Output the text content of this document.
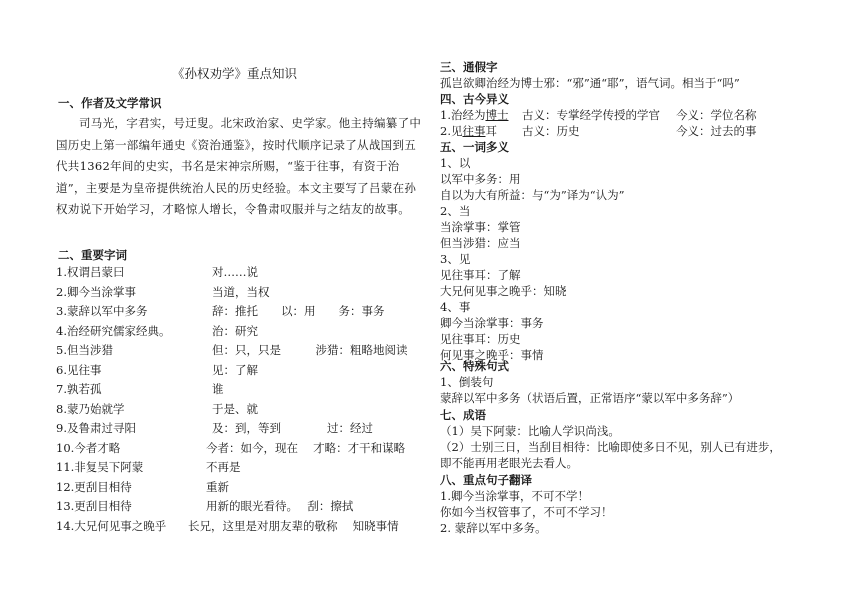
《孙权劝学》重点知识
一、作者及文学常识
司马光，字君实，号迂叟。北宋政治家、史学家。他主持编纂了中国历史上第一部编年通史《资治通鉴》，按时代顺序记录了从战国到五代共1362年间的史实，书名是宋神宗所赐，“鉴于往事，有资于治道”，主要是为皇帝提供统治人民的历史经验。本文主要写了吕蒙在孙权劝说下开始学习，才略惊人增长，令鲁肃叹服并与之结友的故事。
二、重要字词
1.权谓吕蒙曰	对……说
2.卿今当涂掌事	当道，当权
3.蒙辞以军中多务	辞：推托　　以：用　　务：事务
4.治经研究儒家经典。	治：研究
5.但当涉猎	但：只，只是　　　涉猎：粗略地阅读
6.见往事	见：了解
7.孰若孤	谁
8.蒙乃始就学	于是、就
9.及鲁肃过寻阳	及：到，等到　　　　过：经过
10.今者才略	今者：如今，现在　 才略：才干和谋略
11.非复吴下阿蒙	不再是
12.更刮目相待	重新
13.更刮目相待	用新的眼光看待。　 刮：擦拭
14.大兄何见事之晚乎 长兄，这里是对朋友辈的敬称　 知晓事情
三、通假字
孤岂欲卿治经为博士邪：“邪”通“耶”，语气词。相当于“吗”
四、古今异义
1.治经为博士 古义：专掌经学传授的学官 今义：学位名称
2.见往事耳 古义：历史	今义：过去的事
五、一词多义
1、以
以军中多务：用
自以为大有所益：与“为”译为“认为”
2、当
当涂掌事：掌管
但当涉猎：应当
3、见
见往事耳：了解
大兄何见事之晚乎：知晓
4、事
卿今当涂掌事：事务
见往事耳：历史
何见事之晚乎：事情
六、特殊句式
1、倒装句
蒙辞以军中多务（状语后置，正常语序“蒙以军中多务辞”）
七、成语
（1）吴下阿蒙：比喻人学识尚浅。
（2）士别三日，当刮目相待：比喻即使多日不见，别人已有进步，
即不能再用老眼光去看人。
八、重点句子翻译
1.卿今当涂掌事，不可不学！
你如今当权管事了，不可不学习！
2. 蒙辞以军中多务。
